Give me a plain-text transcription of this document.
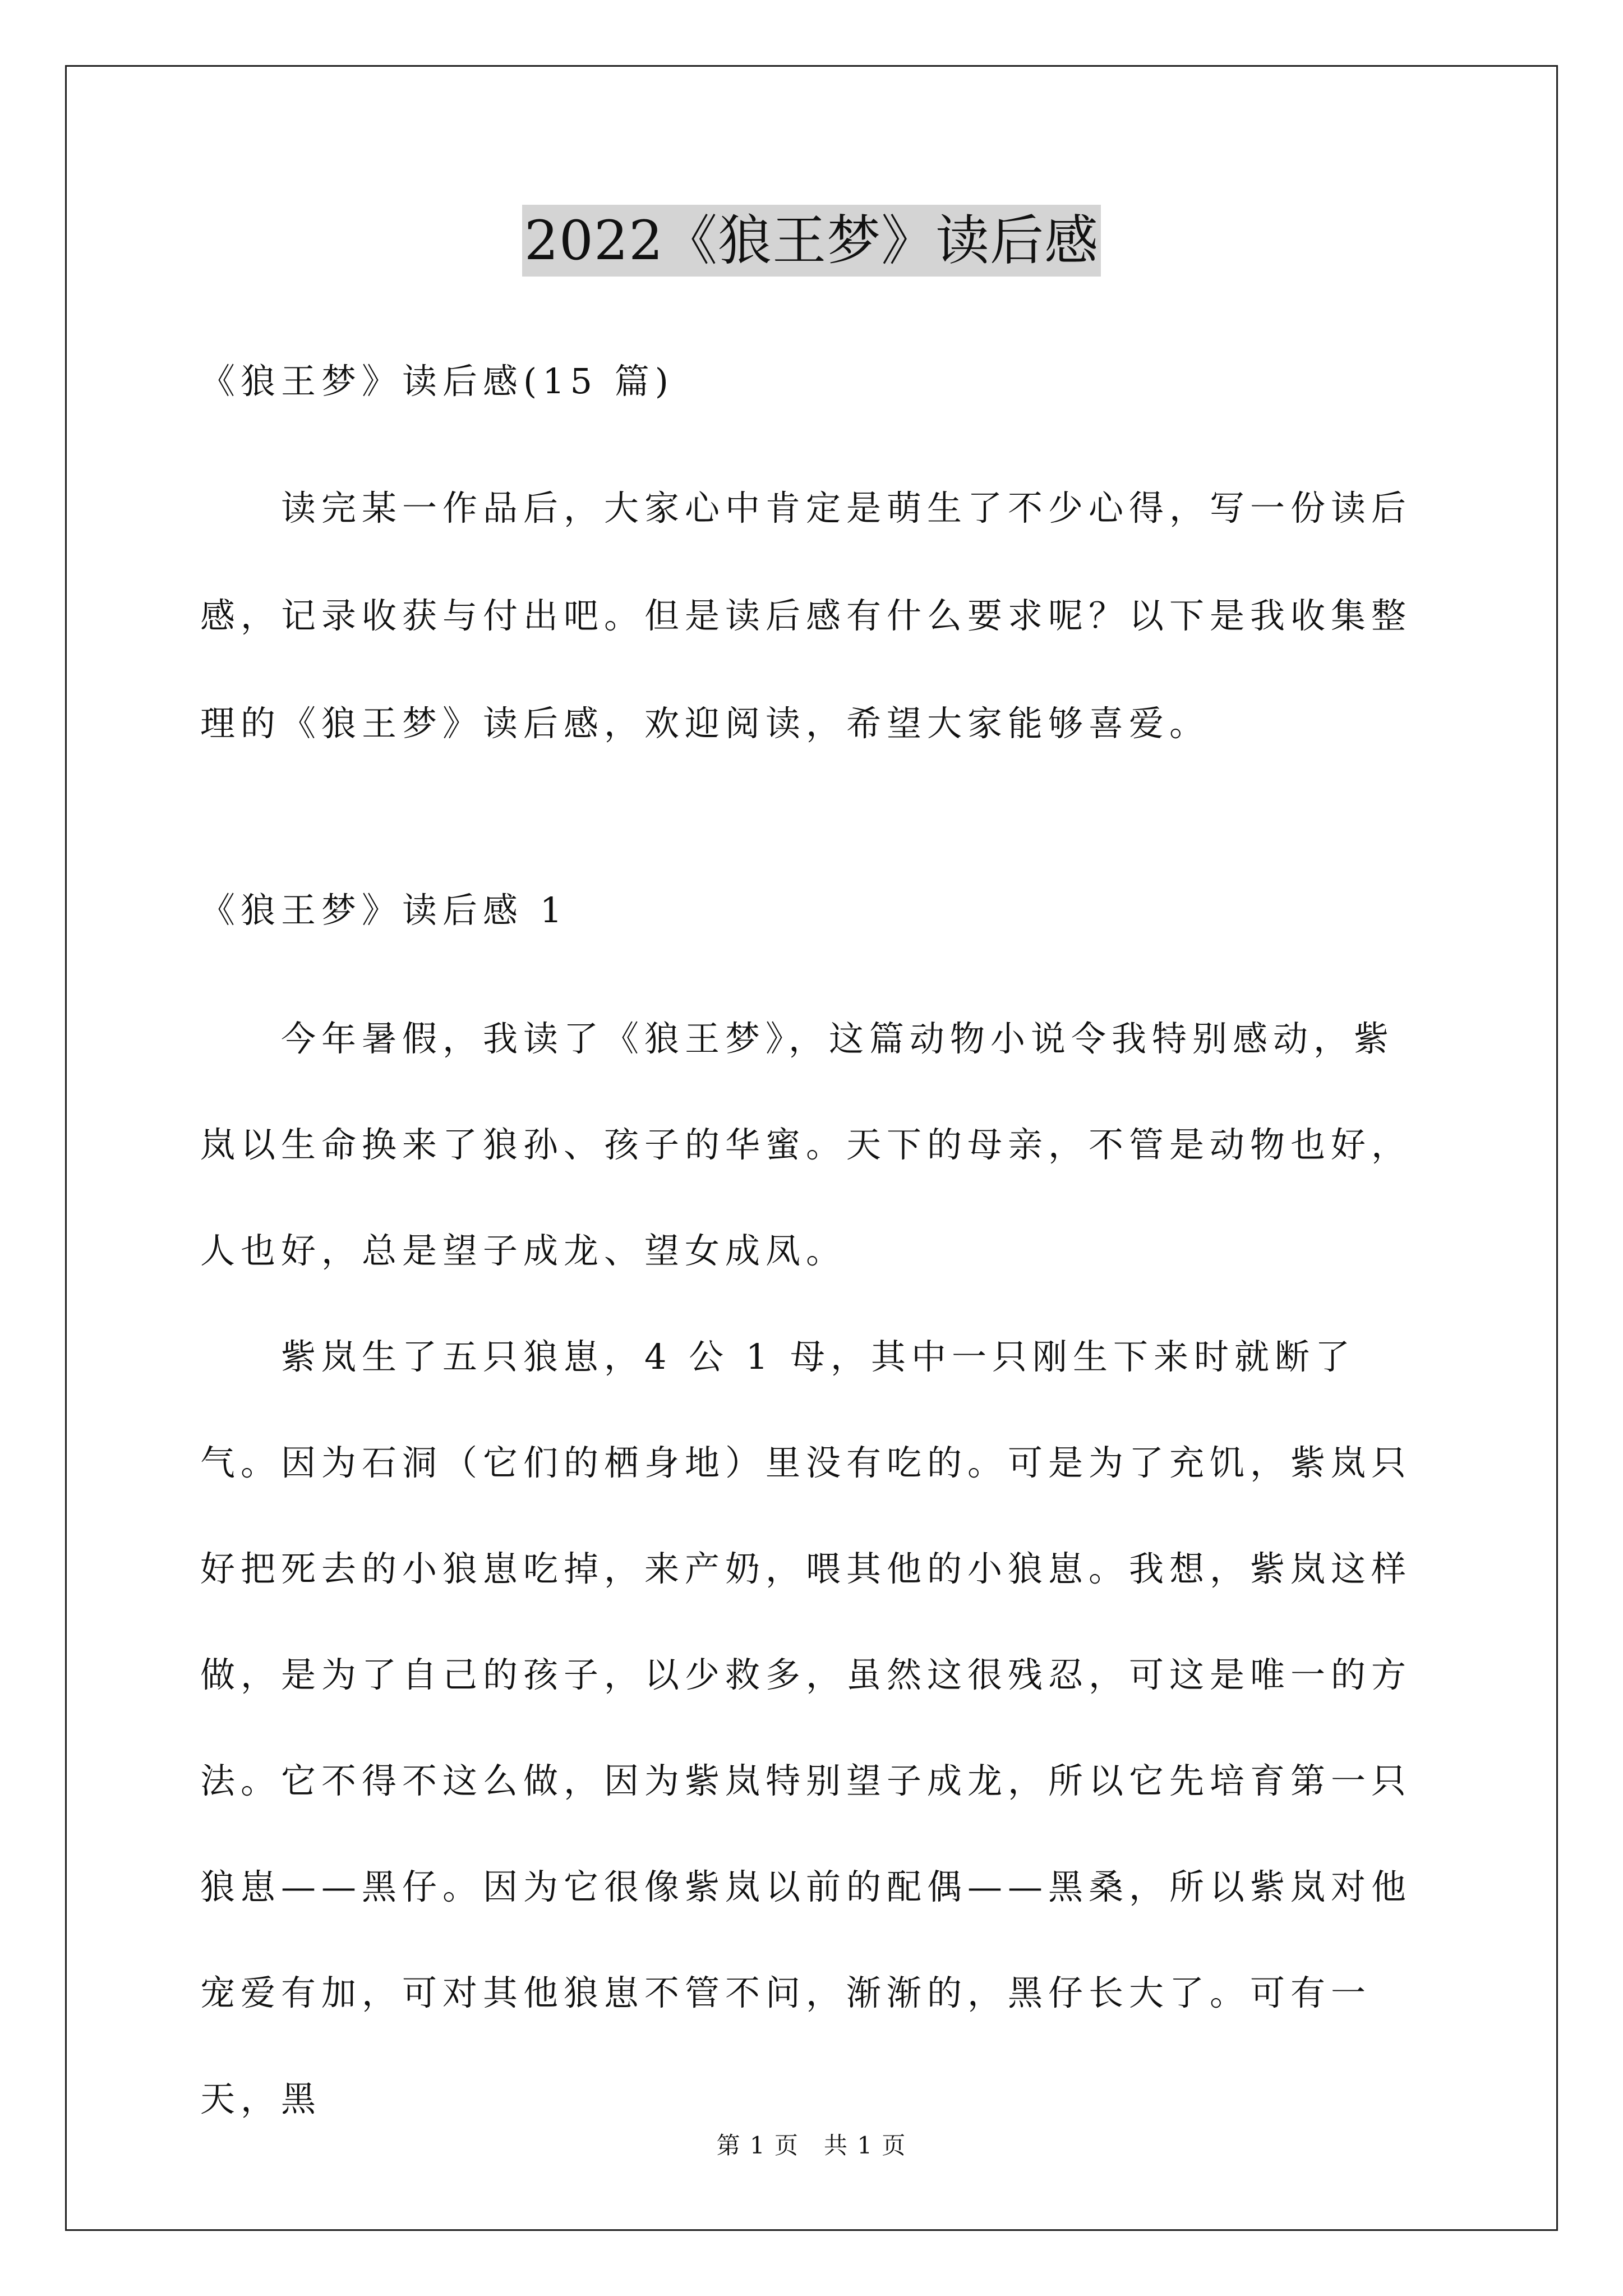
2022《狼王梦》读后感
《狼王梦》读后感(15 篇)

读完某一作品后，大家心中肯定是萌生了不少心得，写一份读后感，记录收获与付出吧。但是读后感有什么要求呢？以下是我收集整理的《狼王梦》读后感，欢迎阅读，希望大家能够喜爱。

《狼王梦》读后感 1

今年暑假，我读了《狼王梦》，这篇动物小说令我特别感动，紫岚以生命换来了狼孙、孩子的华蜜。天下的母亲，不管是动物也好，人也好，总是望子成龙、望女成凤。

紫岚生了五只狼崽，4 公 1 母，其中一只刚生下来时就断了气。因为石洞（它们的栖身地）里没有吃的。可是为了充饥，紫岚只好把死去的小狼崽吃掉，来产奶，喂其他的小狼崽。我想，紫岚这样做，是为了自己的孩子，以少救多，虽然这很残忍，可这是唯一的方法。它不得不这么做，因为紫岚特别望子成龙，所以它先培育第一只狼崽——黑仔。因为它很像紫岚以前的配偶——黑桑，所以紫岚对他宠爱有加，可对其他狼崽不管不问，渐渐的，黑仔长大了。可有一天，黑

第 1 页　共 1 页
